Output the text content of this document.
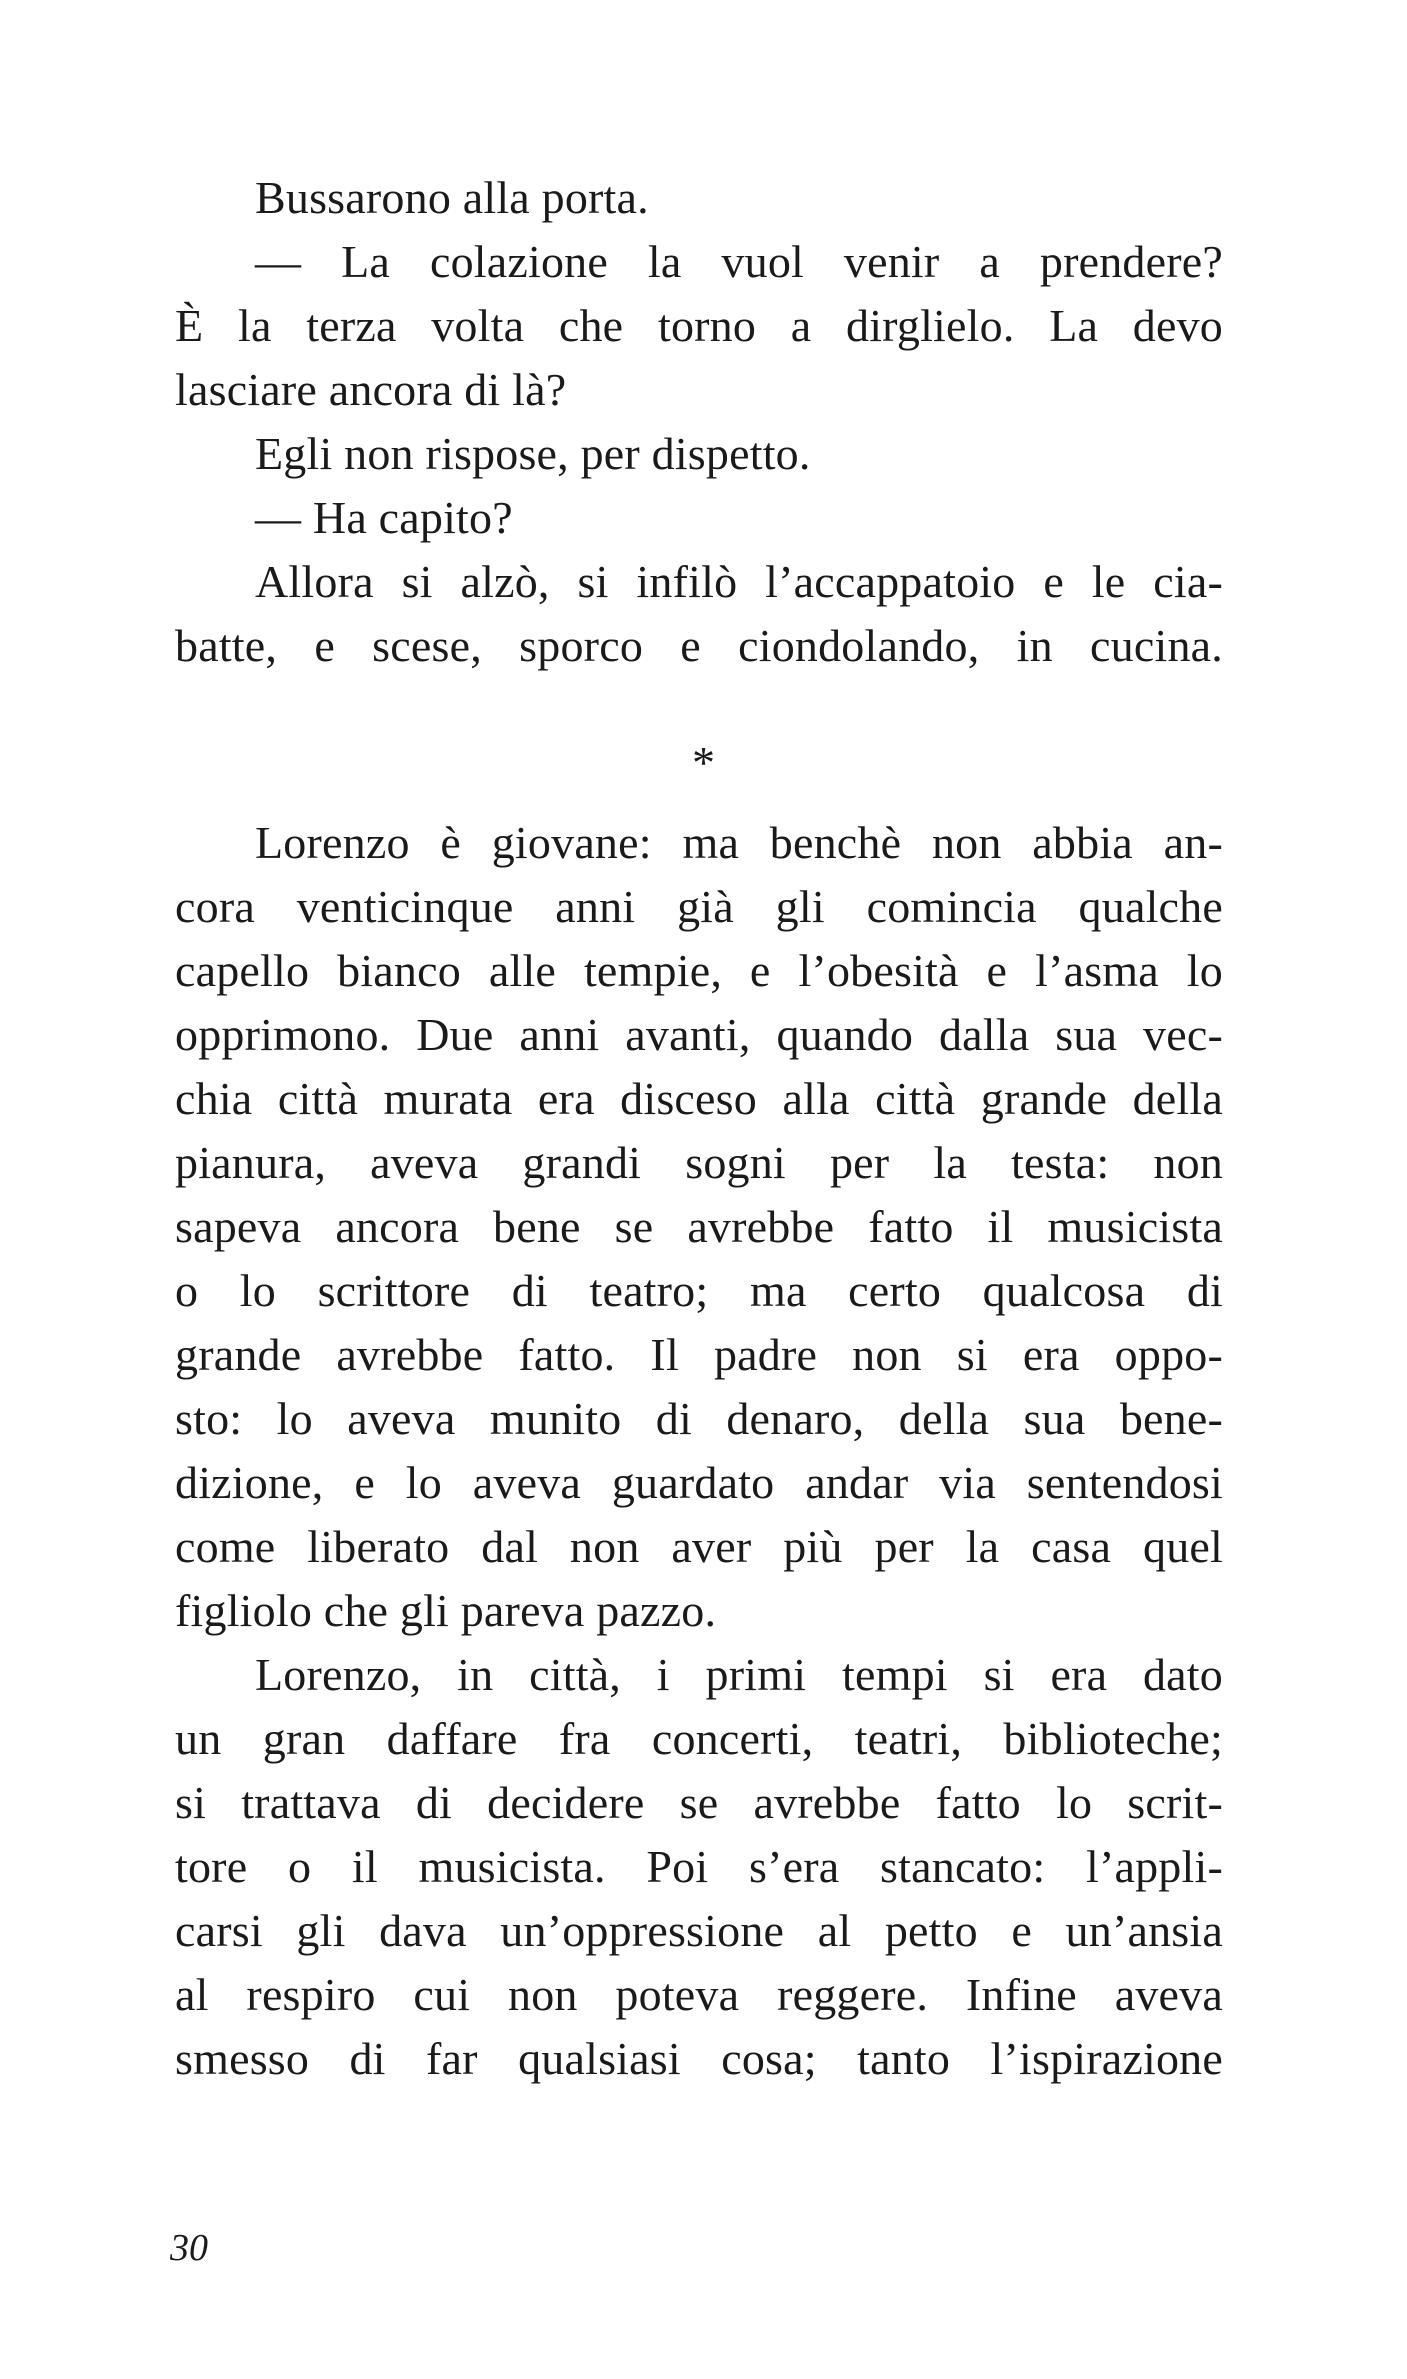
Bussarono alla porta.
— La colazione la vuol venir a prendere?
È la terza volta che torno a dirglielo. La devo
lasciare ancora di là?
Egli non rispose, per dispetto.
— Ha capito?
Allora si alzò, si infilò l’accappatoio e le cia-
batte, e scese, sporco e ciondolando, in cucina.
*
Lorenzo è giovane: ma benchè non abbia an-
cora venticinque anni già gli comincia qualche
capello bianco alle tempie, e l’obesità e l’asma lo
opprimono. Due anni avanti, quando dalla sua vec-
chia città murata era disceso alla città grande della
pianura, aveva grandi sogni per la testa: non
sapeva ancora bene se avrebbe fatto il musicista
o lo scrittore di teatro; ma certo qualcosa di
grande avrebbe fatto. Il padre non si era oppo-
sto: lo aveva munito di denaro, della sua bene-
dizione, e lo aveva guardato andar via sentendosi
come liberato dal non aver più per la casa quel
figliolo che gli pareva pazzo.
Lorenzo, in città, i primi tempi si era dato
un gran daffare fra concerti, teatri, biblioteche;
si trattava di decidere se avrebbe fatto lo scrit-
tore o il musicista. Poi s’era stancato: l’appli-
carsi gli dava un’oppressione al petto e un’ansia
al respiro cui non poteva reggere. Infine aveva
smesso di far qualsiasi cosa; tanto l’ispirazione
30
